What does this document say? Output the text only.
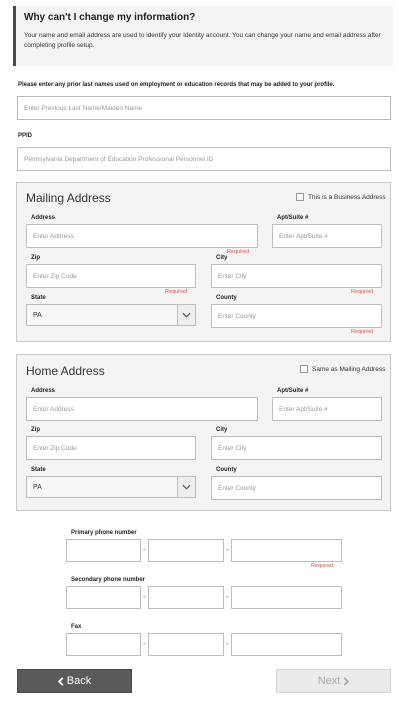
Why can't I change my information?
Your name and email address are used to identify your Identity account. You can change your name and email address after completing profile setup.
Please enter any prior last names used on employment or education records that may be added to your profile.
Enter Previous Last Name/Maiden Name
PPID
Pennsylvania Department of Education Professional Personnel ID
Mailing Address	This is a Business Address
Address
Enter Address
Required
Apt/Suite #
Enter Apt/Suite #
Zip
Enter Zip Code
Required
City
Enter City
Required
State
PA
County
Enter County
Required
Home Address	Same as Mailing Address
Address
Enter Address
Apt/Suite #
Enter Apt/Suite #
Zip
Enter Zip Code
City
Enter City
State
PA
County
Enter County
Primary phone number
-	-
Required
Secondary phone number
-	-
Fax
-	-
Back	Next
